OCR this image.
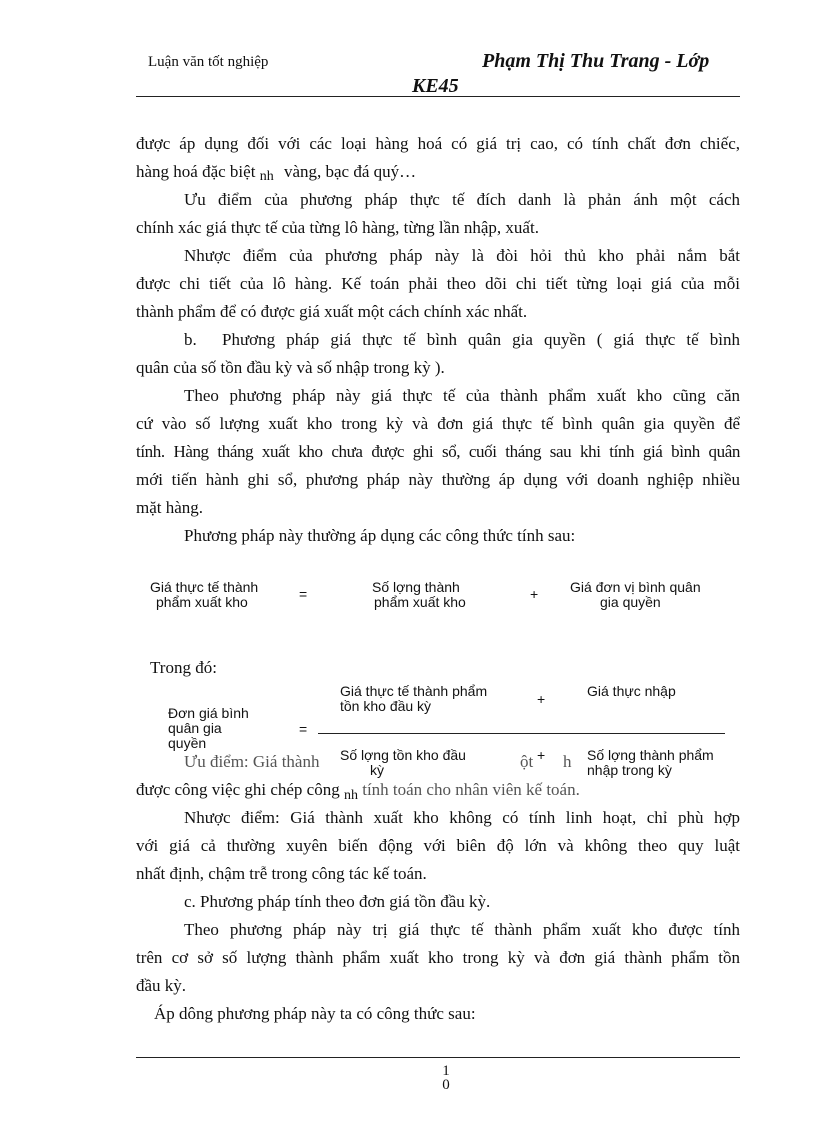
Luận văn tốt nghiệp	Phạm Thị Thu Trang - Lớp
KE45
được áp dụng đối với các loại hàng hoá có giá trị cao, có tính chất đơn chiếc,
hàng hoá đặc biệt nh vàng, bạc đá quý…
Ưu điểm của phương pháp thực tế đích danh là phản ánh một cách
chính xác giá thực tế của từng lô hàng, từng lần nhập, xuất.
Nhược điểm của phương pháp này là đòi hỏi thủ kho phải nắm bắt
được chi tiết của lô hàng. Kế toán phải theo dõi chi tiết từng loại giá của mỗi
thành phẩm để có được giá xuất một cách chính xác nhất.
b. Phương pháp giá thực tế bình quân gia quyền ( giá thực tế bình
quân của số tồn đầu kỳ và số nhập trong kỳ ).
Theo phương pháp này giá thực tế của thành phẩm xuất kho cũng căn
cứ vào số lượng xuất kho trong kỳ và đơn giá thực tế bình quân gia quyền để
tính. Hàng tháng xuất kho chưa được ghi sổ, cuối tháng sau khi tính giá bình quân
mới tiến hành ghi sổ, phương pháp này thường áp dụng với doanh nghiệp nhiều
mặt hàng.
Phương pháp này thường áp dụng các công thức tính sau:
Giá thực tế thành
phẩm xuất kho	=	Số lợng thành
phẩm xuất kho	+ Giá đơn vị bình quân
gia quyền
Trong đó:
Đơn giá bình
quân gia
quyền
=
Giá thực tế thành phẩm
tồn kho đầu kỳ	+	Giá thực nhập
Ưu điểm: Giá thành	ột h
Số lợng tồn kho đầu
kỳ
+	Số lợng thành phẩm
nhập trong kỳ
được công việc ghi chép công $_{nh}$ tính toán cho nhân viên kế toán.
Nhược điểm: Giá thành xuất kho không có tính linh hoạt, chỉ phù hợp
với giá cả thường xuyên biến động với biên độ lớn và không theo quy luật
nhất định, chậm trễ trong công tác kế toán.
c. Phương pháp tính theo đơn giá tồn đầu kỳ.
Theo phương pháp này trị giá thực tế thành phẩm xuất kho được tính
trên cơ sở số lượng thành phẩm xuất kho trong kỳ và đơn giá thành phẩm tồn
đầu kỳ.
Áp dông phương pháp này ta có công thức sau:
1
0
